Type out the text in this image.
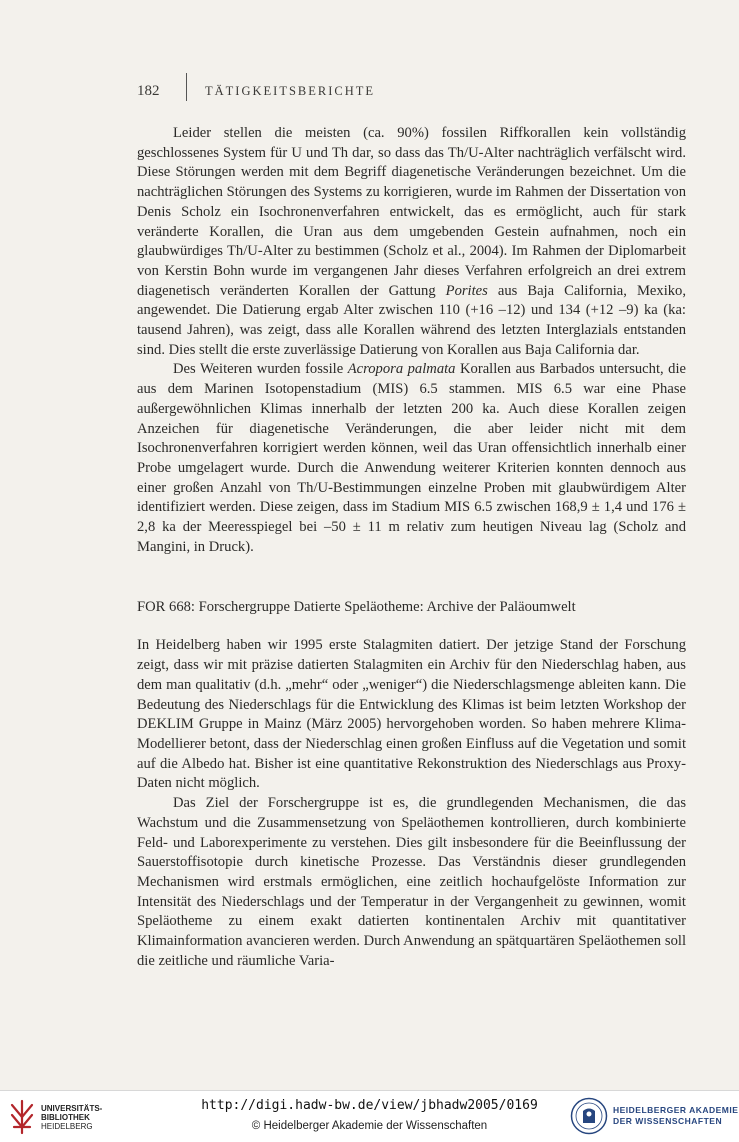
182	TÄTIGKEITSBERICHTE

Leider stellen die meisten (ca. 90%) fossilen Riffkorallen kein vollständig geschlossenes System für U und Th dar, so dass das Th/U-Alter nachträglich verfälscht wird. Diese Störungen werden mit dem Begriff diagenetische Veränderungen bezeichnet. Um die nachträglichen Störungen des Systems zu korrigieren, wurde im Rahmen der Dissertation von Denis Scholz ein Isochronenverfahren entwickelt, das es ermöglicht, auch für stark veränderte Korallen, die Uran aus dem umgebenden Gestein aufnahmen, noch ein glaubwürdiges Th/U-Alter zu bestimmen (Scholz et al., 2004). Im Rahmen der Diplomarbeit von Kerstin Bohn wurde im vergangenen Jahr dieses Verfahren erfolgreich an drei extrem diagenetisch veränderten Korallen der Gattung Porites aus Baja California, Mexiko, angewendet. Die Datierung ergab Alter zwischen 110 (+16 –12) und 134 (+12 –9) ka (ka: tausend Jahren), was zeigt, dass alle Korallen während des letzten Interglazials entstanden sind. Dies stellt die erste zuverlässige Datierung von Korallen aus Baja California dar.

Des Weiteren wurden fossile Acropora palmata Korallen aus Barbados untersucht, die aus dem Marinen Isotopenstadium (MIS) 6.5 stammen. MIS 6.5 war eine Phase außergewöhnlichen Klimas innerhalb der letzten 200 ka. Auch diese Korallen zeigen Anzeichen für diagenetische Veränderungen, die aber leider nicht mit dem Isochronenverfahren korrigiert werden können, weil das Uran offensichtlich innerhalb einer Probe umgelagert wurde. Durch die Anwendung weiterer Kriterien konnten dennoch aus einer großen Anzahl von Th/U-Bestimmungen einzelne Proben mit glaubwürdigem Alter identifiziert werden. Diese zeigen, dass im Stadium MIS 6.5 zwischen 168,9 ± 1,4 und 176 ± 2,8 ka der Meeresspiegel bei –50 ± 11 m relativ zum heutigen Niveau lag (Scholz and Mangini, in Druck).

FOR 668: Forschergruppe Datierte Speläotheme: Archive der Paläoumwelt

In Heidelberg haben wir 1995 erste Stalagmiten datiert. Der jetzige Stand der Forschung zeigt, dass wir mit präzise datierten Stalagmiten ein Archiv für den Niederschlag haben, aus dem man qualitativ (d.h. „mehr“ oder „weniger“) die Niederschlagsmenge ableiten kann. Die Bedeutung des Niederschlags für die Entwicklung des Klimas ist beim letzten Workshop der DEKLIM Gruppe in Mainz (März 2005) hervorgehoben worden. So haben mehrere Klima-Modellierer betont, dass der Niederschlag einen großen Einfluss auf die Vegetation und somit auf die Albedo hat. Bisher ist eine quantitative Rekonstruktion des Niederschlags aus Proxy-Daten nicht möglich.

Das Ziel der Forschergruppe ist es, die grundlegenden Mechanismen, die das Wachstum und die Zusammensetzung von Speläothemen kontrollieren, durch kombinierte Feld- und Laborexperimente zu verstehen. Dies gilt insbesondere für die Beeinflussung der Sauerstoffisotopie durch kinetische Prozesse. Das Verständnis dieser grundlegenden Mechanismen wird erstmals ermöglichen, eine zeitlich hochaufgelöste Information zur Intensität des Niederschlags und der Temperatur in der Vergangenheit zu gewinnen, womit Speläotheme zu einem exakt datierten kontinentalen Archiv mit quantitativer Klimainformation avancieren werden. Durch Anwendung an spätquartären Speläothemen soll die zeitliche und räumliche Varia-

UNIVERSITÄTS-
BIBLIOTHEK
HEIDELBERG
http://digi.hadw-bw.de/view/jbhadw2005/0169
© Heidelberger Akademie der Wissenschaften
HEIDELBERGER AKADEMIE
DER WISSENSCHAFTEN
